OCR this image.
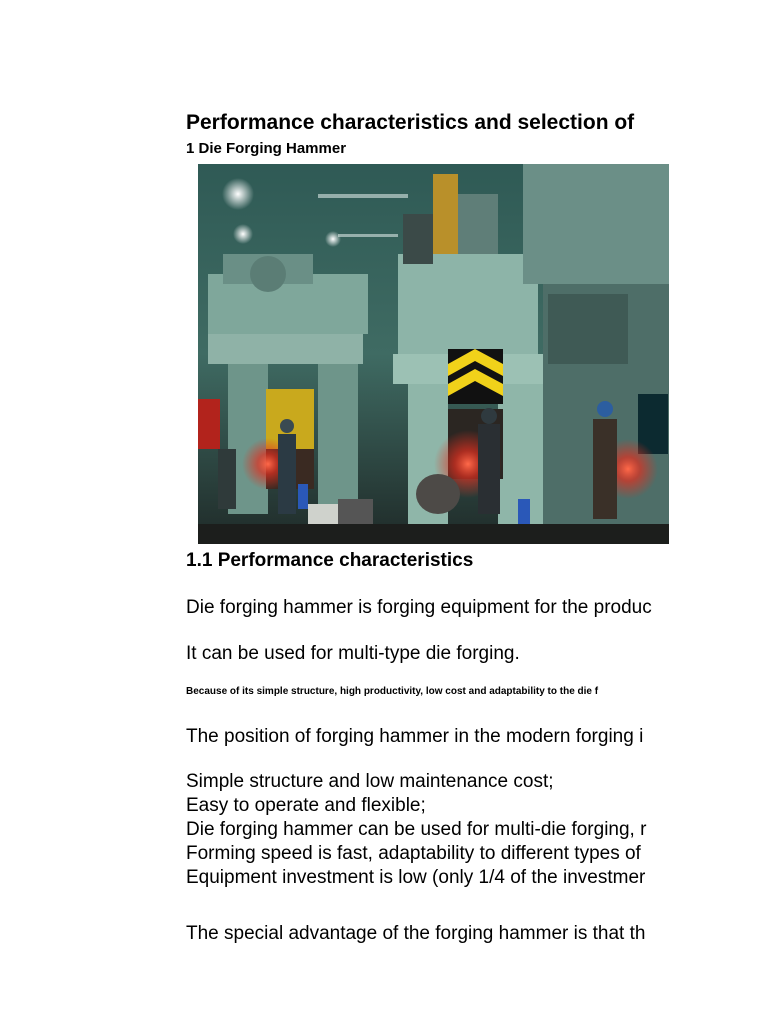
Performance characteristics and selection of
1 Die Forging Hammer
1.1 Performance characteristics
Die forging hammer is forging equipment for the produc
It can be used for multi-type die forging.
Because of its simple structure, high productivity, low cost and adaptability to the die f
The position of forging hammer in the modern forging i
Simple structure and low maintenance cost;
Easy to operate and flexible;
Die forging hammer can be used for multi-die forging, r
Forming speed is fast, adaptability to different types of
Equipment investment is low (only 1/4 of the investmer
The special advantage of the forging hammer is that th
